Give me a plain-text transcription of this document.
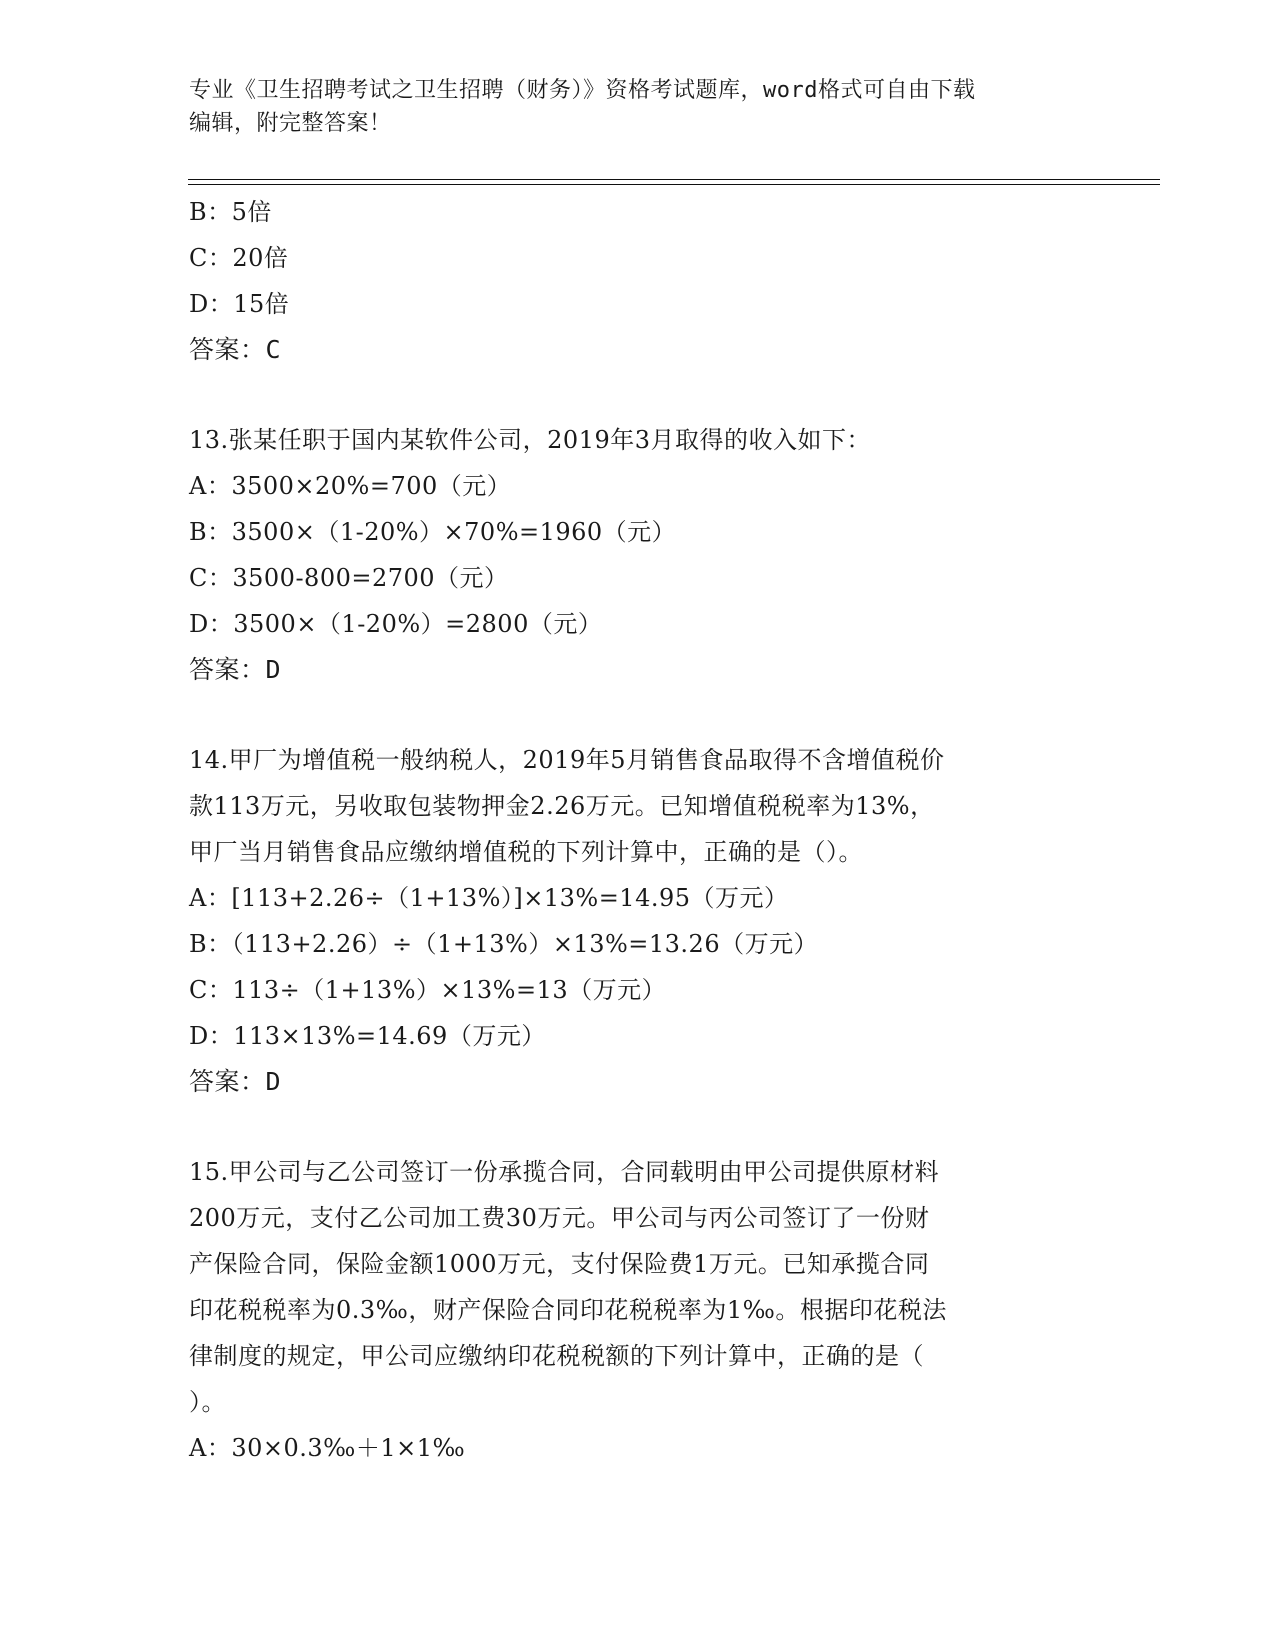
专业《卫生招聘考试之卫生招聘（财务）》资格考试题库，word格式可自由下载
编辑，附完整答案！
B：5倍
C：20倍
D：15倍
答案：C
13.张某任职于国内某软件公司，2019年3月取得的收入如下：
A：3500×20%=700（元）
B：3500×（1-20%）×70%=1960（元）
C：3500-800=2700（元）
D：3500×（1-20%）=2800（元）
答案：D
14.甲厂为增值税一般纳税人，2019年5月销售食品取得不含增值税价
款113万元，另收取包装物押金2.26万元。已知增值税税率为13%，
甲厂当月销售食品应缴纳增值税的下列计算中，正确的是（）。
A：[113+2.26÷（1+13%）]×13%=14.95（万元）
B：（113+2.26）÷（1+13%）×13%=13.26（万元）
C：113÷（1+13%）×13%=13（万元）
D：113×13%=14.69（万元）
答案：D
15.甲公司与乙公司签订一份承揽合同，合同载明由甲公司提供原材料
200万元，支付乙公司加工费30万元。甲公司与丙公司签订了一份财
产保险合同，保险金额1000万元，支付保险费1万元。已知承揽合同
印花税税率为0.3‰，财产保险合同印花税税率为1‰。根据印花税法
律制度的规定，甲公司应缴纳印花税税额的下列计算中，正确的是（
）。
A：30×0.3‰＋1×1‰
